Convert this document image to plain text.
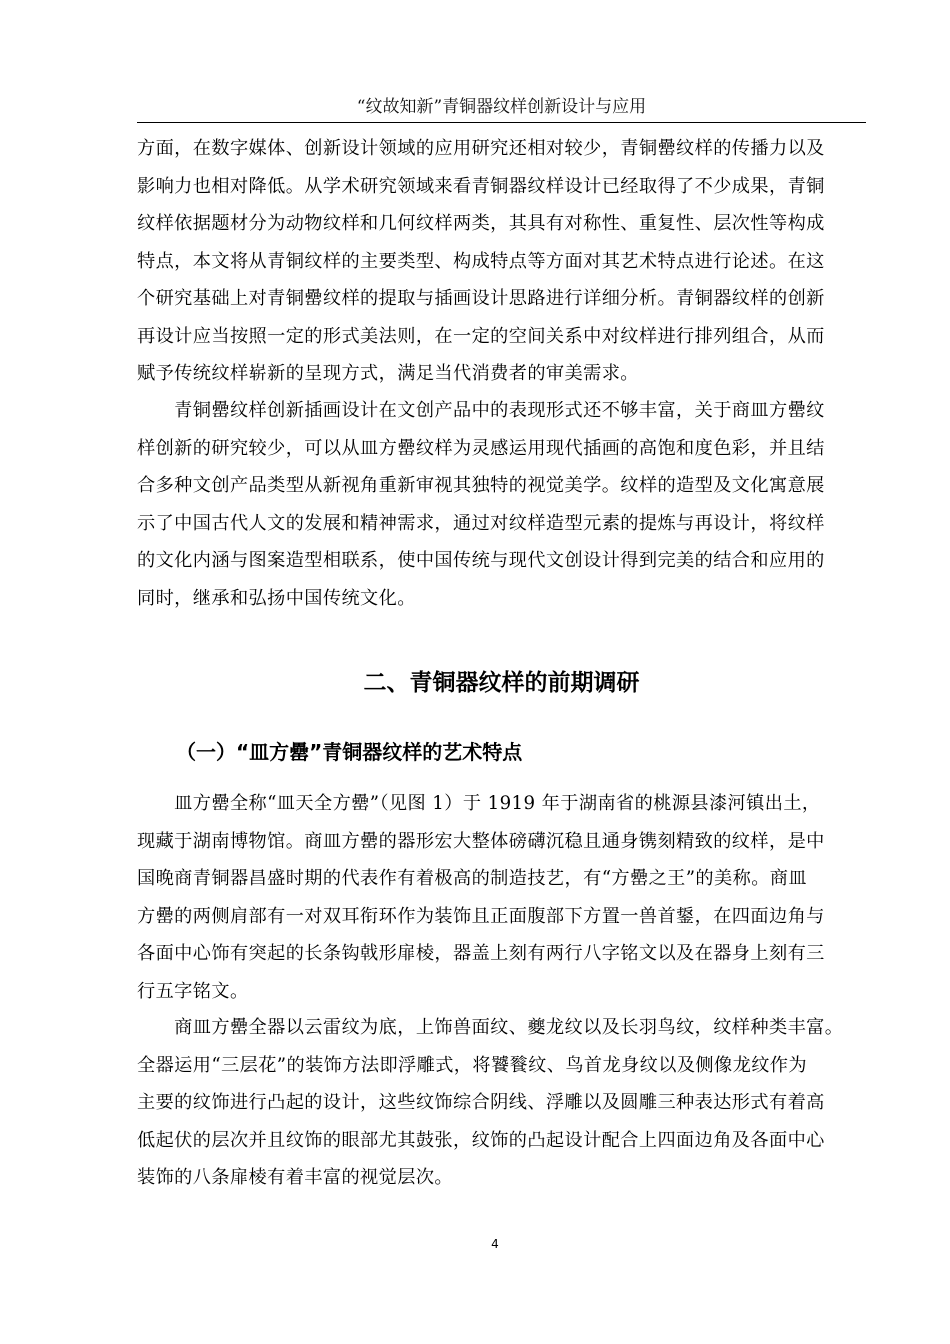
“纹故知新”青铜器纹样创新设计与应用
方面，在数字媒体、创新设计领域的应用研究还相对较少，青铜罍纹样的传播力以及
影响力也相对降低。从学术研究领域来看青铜器纹样设计已经取得了不少成果，青铜
纹样依据题材分为动物纹样和几何纹样两类，其具有对称性、重复性、层次性等构成
特点，本文将从青铜纹样的主要类型、构成特点等方面对其艺术特点进行论述。在这
个研究基础上对青铜罍纹样的提取与插画设计思路进行详细分析。青铜器纹样的创新
再设计应当按照一定的形式美法则，在一定的空间关系中对纹样进行排列组合，从而
赋予传统纹样崭新的呈现方式，满足当代消费者的审美需求。
　　青铜罍纹样创新插画设计在文创产品中的表现形式还不够丰富，关于商皿方罍纹
样创新的研究较少，可以从皿方罍纹样为灵感运用现代插画的高饱和度色彩，并且结
合多种文创产品类型从新视角重新审视其独特的视觉美学。纹样的造型及文化寓意展
示了中国古代人文的发展和精神需求，通过对纹样造型元素的提炼与再设计，将纹样
的文化内涵与图案造型相联系，使中国传统与现代文创设计得到完美的结合和应用的
同时，继承和弘扬中国传统文化。
二、青铜器纹样的前期调研
（一）“皿方罍”青铜器纹样的艺术特点
　　皿方罍全称“皿天全方罍”（见图 1）于 1919 年于湖南省的桃源县漆河镇出土，
现藏于湖南博物馆。商皿方罍的器形宏大整体磅礴沉稳且通身镌刻精致的纹样，是中
国晚商青铜器昌盛时期的代表作有着极高的制造技艺，有“方罍之王”的美称。商皿
方罍的两侧肩部有一对双耳衔环作为装饰且正面腹部下方置一兽首鋬，在四面边角与
各面中心饰有突起的长条钩戟形扉棱，器盖上刻有两行八字铭文以及在器身上刻有三
行五字铭文。
　　商皿方罍全器以云雷纹为底，上饰兽面纹、夔龙纹以及长羽鸟纹，纹样种类丰富。
全器运用“三层花”的装饰方法即浮雕式，将饕餮纹、鸟首龙身纹以及侧像龙纹作为
主要的纹饰进行凸起的设计，这些纹饰综合阴线、浮雕以及圆雕三种表达形式有着高
低起伏的层次并且纹饰的眼部尤其鼓张，纹饰的凸起设计配合上四面边角及各面中心
装饰的八条扉棱有着丰富的视觉层次。
4
